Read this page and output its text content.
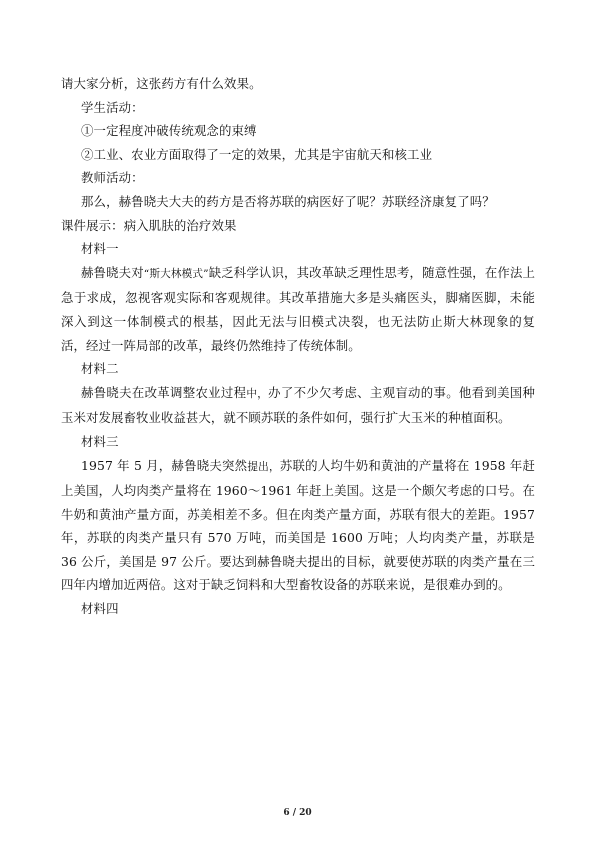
请大家分析，这张药方有什么效果。
学生活动：
①一定程度冲破传统观念的束缚
②工业、农业方面取得了一定的效果，尤其是宇宙航天和核工业
教师活动：
那么，赫鲁晓夫大夫的药方是否将苏联的病医好了呢？苏联经济康复了吗？
课件展示：病入肌肤的治疗效果
材料一
赫鲁晓夫对“斯大林模式”缺乏科学认识，其改革缺乏理性思考，随意性强，在作法上急于求成，忽视客观实际和客观规律。其改革措施大多是头痛医头，脚痛医脚，未能深入到这一体制模式的根基，因此无法与旧模式决裂，也无法防止斯大林现象的复活，经过一阵局部的改革，最终仍然维持了传统体制。
材料二
赫鲁晓夫在改革调整农业过程中，办了不少欠考虑、主观盲动的事。他看到美国种玉米对发展畜牧业收益甚大，就不顾苏联的条件如何，强行扩大玉米的种植面积。
材料三
1957 年 5 月，赫鲁晓夫突然提出，苏联的人均牛奶和黄油的产量将在 1958 年赶上美国，人均肉类产量将在 1960～1961 年赶上美国。这是一个颇欠考虑的口号。在牛奶和黄油产量方面，苏美相差不多。但在肉类产量方面，苏联有很大的差距。1957 年，苏联的肉类产量只有 570 万吨，而美国是 1600 万吨；人均肉类产量，苏联是 36 公斤，美国是 97 公斤。要达到赫鲁晓夫提出的目标，就要使苏联的肉类产量在三四年内增加近两倍。这对于缺乏饲料和大型畜牧设备的苏联来说，是很难办到的。
材料四
6 / 20
